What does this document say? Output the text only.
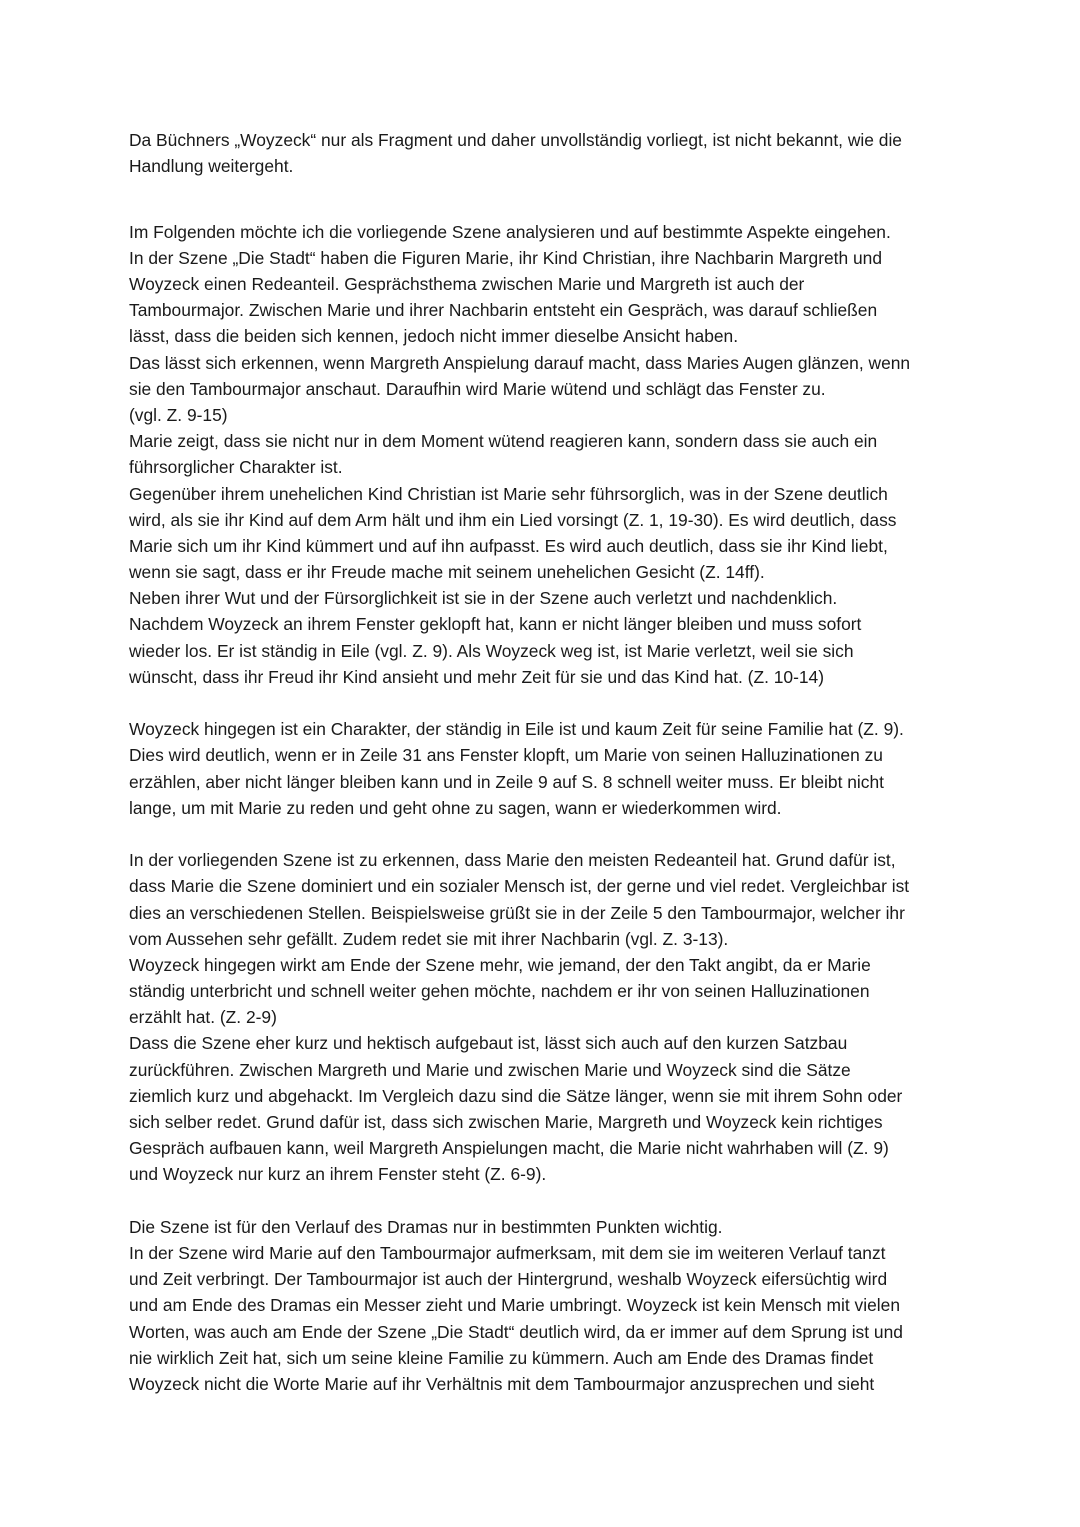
Da Büchners „Woyzeck“ nur als Fragment und daher unvollständig vorliegt, ist nicht bekannt, wie die
Handlung weitergeht.
Im Folgenden möchte ich die vorliegende Szene analysieren und auf bestimmte Aspekte eingehen.
In der Szene „Die Stadt“ haben die Figuren Marie, ihr Kind Christian, ihre Nachbarin Margreth und
Woyzeck einen Redeanteil. Gesprächsthema zwischen Marie und Margreth ist auch der
Tambourmajor. Zwischen Marie und ihrer Nachbarin entsteht ein Gespräch, was darauf schließen
lässt, dass die beiden sich kennen, jedoch nicht immer dieselbe Ansicht haben.
Das lässt sich erkennen, wenn Margreth Anspielung darauf macht, dass Maries Augen glänzen, wenn
sie den Tambourmajor anschaut. Daraufhin wird Marie wütend und schlägt das Fenster zu.
(vgl. Z. 9-15)
Marie zeigt, dass sie nicht nur in dem Moment wütend reagieren kann, sondern dass sie auch ein
führsorglicher Charakter ist.
Gegenüber ihrem unehelichen Kind Christian ist Marie sehr führsorglich, was in der Szene deutlich
wird, als sie ihr Kind auf dem Arm hält und ihm ein Lied vorsingt (Z. 1, 19-30). Es wird deutlich, dass
Marie sich um ihr Kind kümmert und auf ihn aufpasst. Es wird auch deutlich, dass sie ihr Kind liebt,
wenn sie sagt, dass er ihr Freude mache mit seinem unehelichen Gesicht (Z. 14ff).
Neben ihrer Wut und der Fürsorglichkeit ist sie in der Szene auch verletzt und nachdenklich.
Nachdem Woyzeck an ihrem Fenster geklopft hat, kann er nicht länger bleiben und muss sofort
wieder los. Er ist ständig in Eile (vgl. Z. 9). Als Woyzeck weg ist, ist Marie verletzt, weil sie sich
wünscht, dass ihr Freud ihr Kind ansieht und mehr Zeit für sie und das Kind hat. (Z. 10-14)
Woyzeck hingegen ist ein Charakter, der ständig in Eile ist und kaum Zeit für seine Familie hat (Z. 9).
Dies wird deutlich, wenn er in Zeile 31 ans Fenster klopft, um Marie von seinen Halluzinationen zu
erzählen, aber nicht länger bleiben kann und in Zeile 9 auf S. 8 schnell weiter muss. Er bleibt nicht
lange, um mit Marie zu reden und geht ohne zu sagen, wann er wiederkommen wird.
In der vorliegenden Szene ist zu erkennen, dass Marie den meisten Redeanteil hat. Grund dafür ist,
dass Marie die Szene dominiert und ein sozialer Mensch ist, der gerne und viel redet. Vergleichbar ist
dies an verschiedenen Stellen. Beispielsweise grüßt sie in der Zeile 5 den Tambourmajor, welcher ihr
vom Aussehen sehr gefällt. Zudem redet sie mit ihrer Nachbarin (vgl. Z. 3-13).
Woyzeck hingegen wirkt am Ende der Szene mehr, wie jemand, der den Takt angibt, da er Marie
ständig unterbricht und schnell weiter gehen möchte, nachdem er ihr von seinen Halluzinationen
erzählt hat. (Z. 2-9)
Dass die Szene eher kurz und hektisch aufgebaut ist, lässt sich auch auf den kurzen Satzbau
zurückführen. Zwischen Margreth und Marie und zwischen Marie und Woyzeck sind die Sätze
ziemlich kurz und abgehackt. Im Vergleich dazu sind die Sätze länger, wenn sie mit ihrem Sohn oder
sich selber redet. Grund dafür ist, dass sich zwischen Marie, Margreth und Woyzeck kein richtiges
Gespräch aufbauen kann, weil Margreth Anspielungen macht, die Marie nicht wahrhaben will (Z. 9)
und Woyzeck nur kurz an ihrem Fenster steht (Z. 6-9).
Die Szene ist für den Verlauf des Dramas nur in bestimmten Punkten wichtig.
In der Szene wird Marie auf den Tambourmajor aufmerksam, mit dem sie im weiteren Verlauf tanzt
und Zeit verbringt. Der Tambourmajor ist auch der Hintergrund, weshalb Woyzeck eifersüchtig wird
und am Ende des Dramas ein Messer zieht und Marie umbringt. Woyzeck ist kein Mensch mit vielen
Worten, was auch am Ende der Szene „Die Stadt“ deutlich wird, da er immer auf dem Sprung ist und
nie wirklich Zeit hat, sich um seine kleine Familie zu kümmern. Auch am Ende des Dramas findet
Woyzeck nicht die Worte Marie auf ihr Verhältnis mit dem Tambourmajor anzusprechen und sieht
